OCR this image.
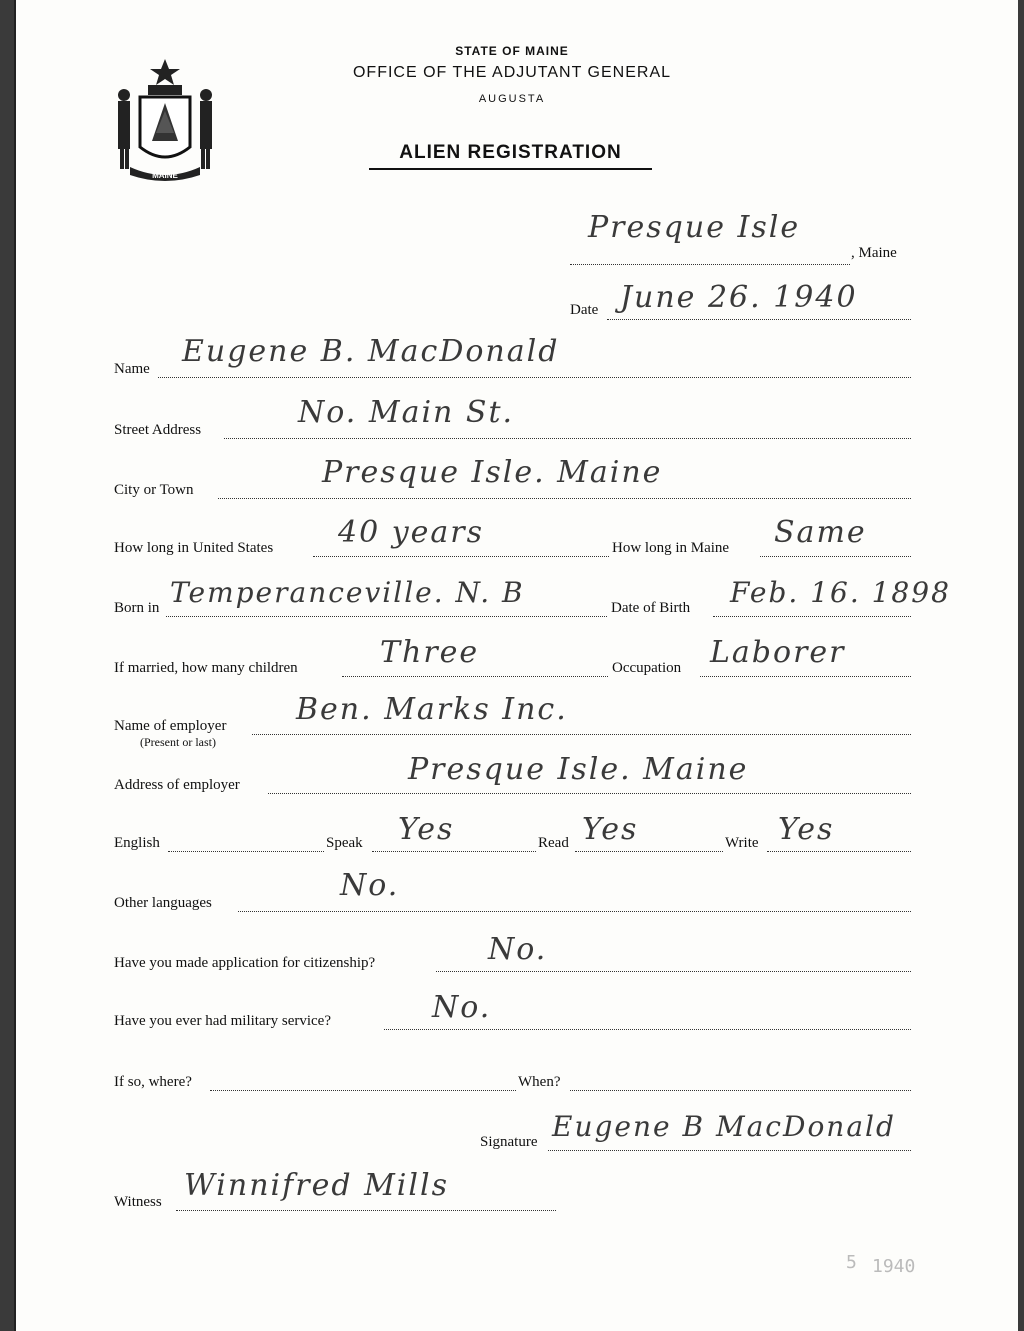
MAINE
STATE OF MAINE
OFFICE OF THE ADJUTANT GENERAL
AUGUSTA
ALIEN REGISTRATION
Presque Isle
, Maine
Date June 26. 1940
Name Eugene B. MacDonald
Street Address	No. Main St.
City or Town	Presque Isle. Maine
How long in United States 40 years	How long in Maine Same
Born in Temperanceville. N. B	Date of Birth Feb. 16. 1898
If married, how many children	Three	Occupation Laborer
Name of employer
(Present or last)
Ben. Marks Inc.
Address of employer	Presque Isle. Maine
English	Speak Yes	Read Yes	Write Yes
Other languages	No.
Have you made application for citizenship?	No.
Have you ever had military service?	No.
If so, where?	When?
Signature Eugene B MacDonald
Witness Winnifred Mills
5 1940
